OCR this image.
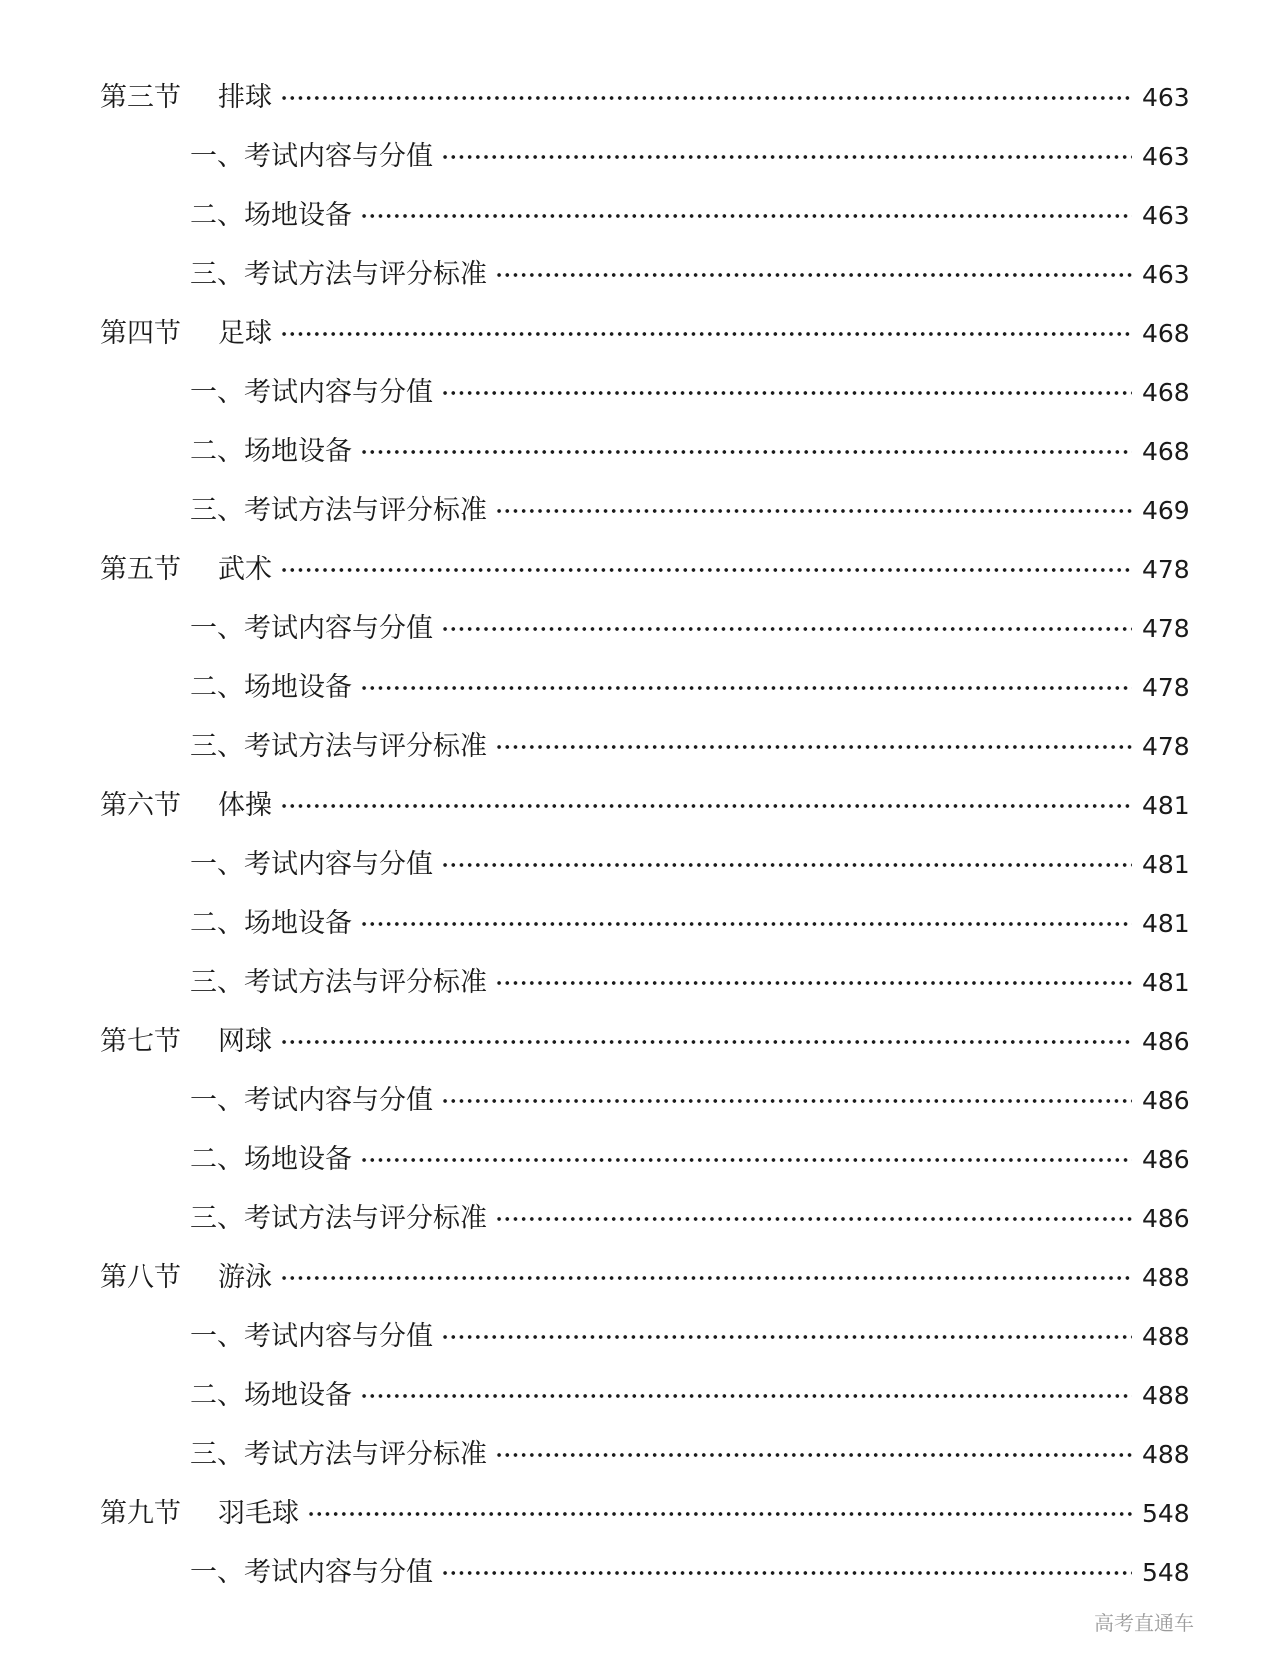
第三节	排球	463
一、考试内容与分值	463
二、场地设备	463
三、考试方法与评分标准	463
第四节	足球	468
一、考试内容与分值	468
二、场地设备	468
三、考试方法与评分标准	469
第五节	武术	478
一、考试内容与分值	478
二、场地设备	478
三、考试方法与评分标准	478
第六节	体操	481
一、考试内容与分值	481
二、场地设备	481
三、考试方法与评分标准	481
第七节	网球	486
一、考试内容与分值	486
二、场地设备	486
三、考试方法与评分标准	486
第八节	游泳	488
一、考试内容与分值	488
二、场地设备	488
三、考试方法与评分标准	488
第九节	羽毛球	548
一、考试内容与分值	548
高考直通车
